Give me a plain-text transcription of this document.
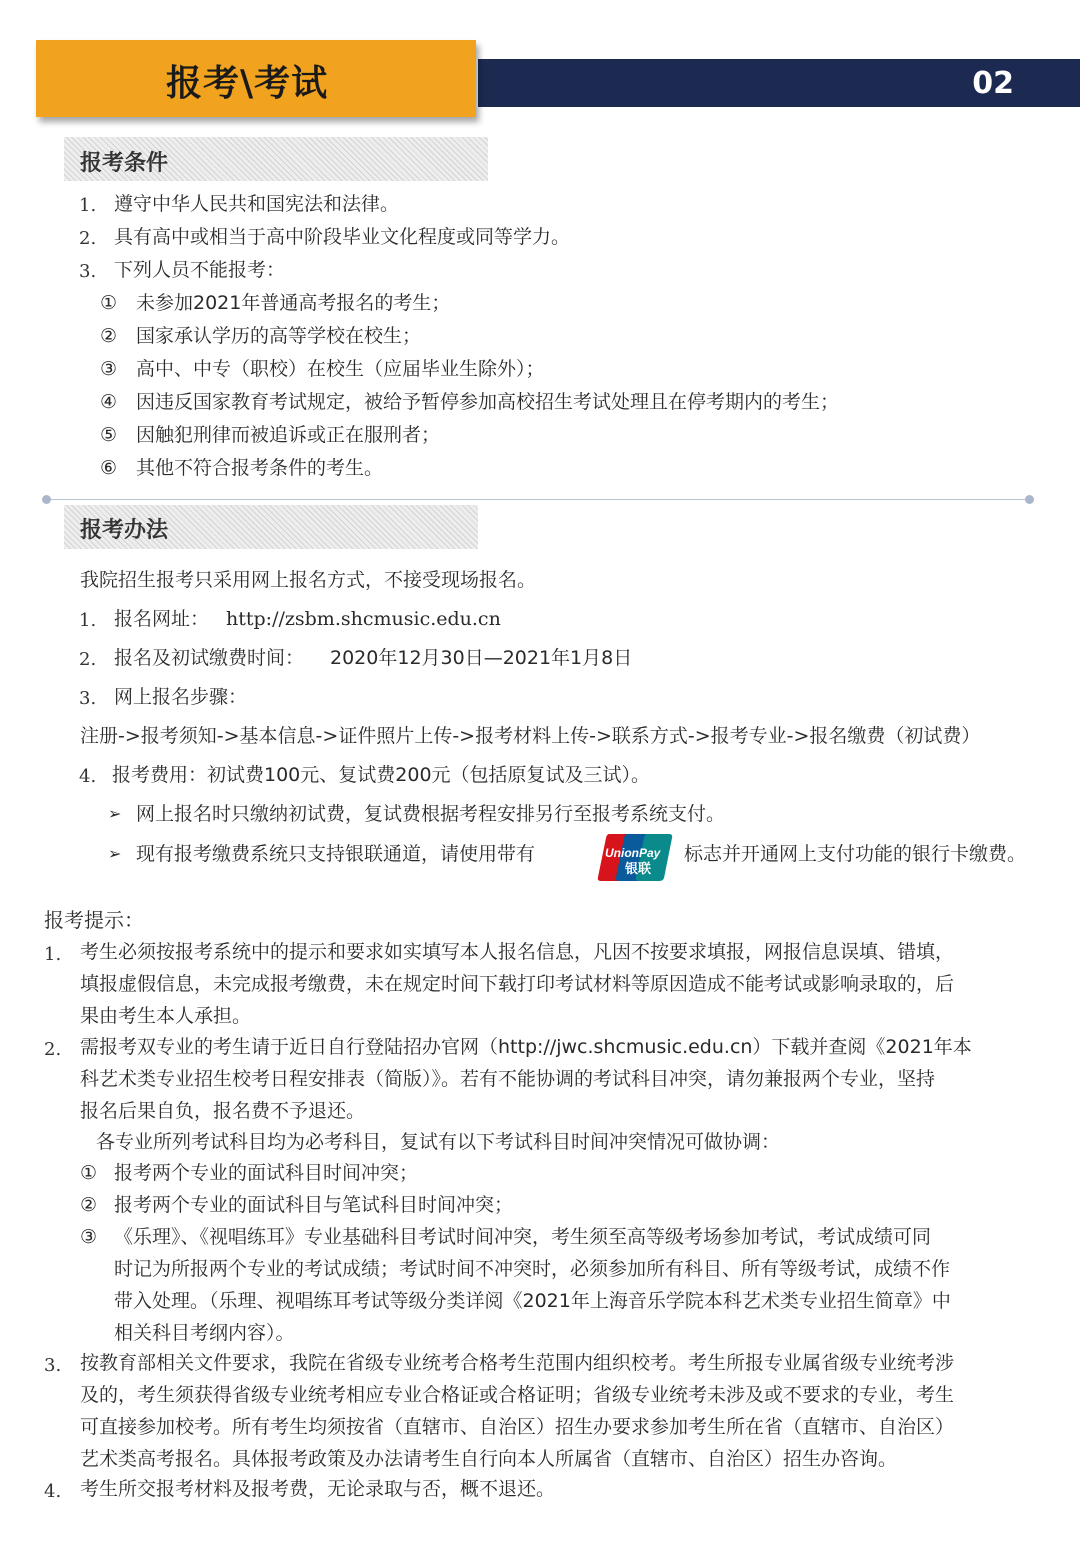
02
报考\考试
报考条件
1. 遵守中华人民共和国宪法和法律。
2. 具有高中或相当于高中阶段毕业文化程度或同等学力。
3. 下列人员不能报考：
① 未参加2021年普通高考报名的考生；
② 国家承认学历的高等学校在校生；
③ 高中、中专（职校）在校生（应届毕业生除外）；
④ 因违反国家教育考试规定，被给予暂停参加高校招生考试处理且在停考期内的考生；
⑤ 因触犯刑律而被追诉或正在服刑者；
⑥ 其他不符合报考条件的考生。
报考办法
我院招生报考只采用网上报名方式，不接受现场报名。
1. 报名网址： http://zsbm.shcmusic.edu.cn
2. 报名及初试缴费时间： 2020年12月30日—2021年1月8日
3. 网上报名步骤：
注册->报考须知->基本信息->证件照片上传->报考材料上传->联系方式->报考专业->报名缴费（初试费）
4. 报考费用：初试费100元、复试费200元（包括原复试及三试）。
➢ 网上报名时只缴纳初试费，复试费根据考程安排另行至报考系统支付。
➢ 现有报考缴费系统只支持银联通道，请使用带有	UnionPay
银联
标志并开通网上支付功能的银行卡缴费。
报考提示：
1. 考生必须按报考系统中的提示和要求如实填写本人报名信息，凡因不按要求填报，网报信息误填、错填，
填报虚假信息，未完成报考缴费，未在规定时间下载打印考试材料等原因造成不能考试或影响录取的，后
果由考生本人承担。
2. 需报考双专业的考生请于近日自行登陆招办官网（http://jwc.shcmusic.edu.cn）下载并查阅《2021年本
科艺术类专业招生校考日程安排表（简版）》。若有不能协调的考试科目冲突，请勿兼报两个专业，坚持
报名后果自负，报名费不予退还。
各专业所列考试科目均为必考科目，复试有以下考试科目时间冲突情况可做协调：
① 报考两个专业的面试科目时间冲突；
② 报考两个专业的面试科目与笔试科目时间冲突；
③ 《乐理》、《视唱练耳》专业基础科目考试时间冲突，考生须至高等级考场参加考试，考试成绩可同
时记为所报两个专业的考试成绩；考试时间不冲突时，必须参加所有科目、所有等级考试，成绩不作
带入处理。（乐理、视唱练耳考试等级分类详阅《2021年上海音乐学院本科艺术类专业招生简章》中
相关科目考纲内容）。
3. 按教育部相关文件要求，我院在省级专业统考合格考生范围内组织校考。考生所报专业属省级专业统考涉
及的，考生须获得省级专业统考相应专业合格证或合格证明；省级专业统考未涉及或不要求的专业，考生
可直接参加校考。所有考生均须按省（直辖市、自治区）招生办要求参加考生所在省（直辖市、自治区）
艺术类高考报名。具体报考政策及办法请考生自行向本人所属省（直辖市、自治区）招生办咨询。
4. 考生所交报考材料及报考费，无论录取与否，概不退还。
